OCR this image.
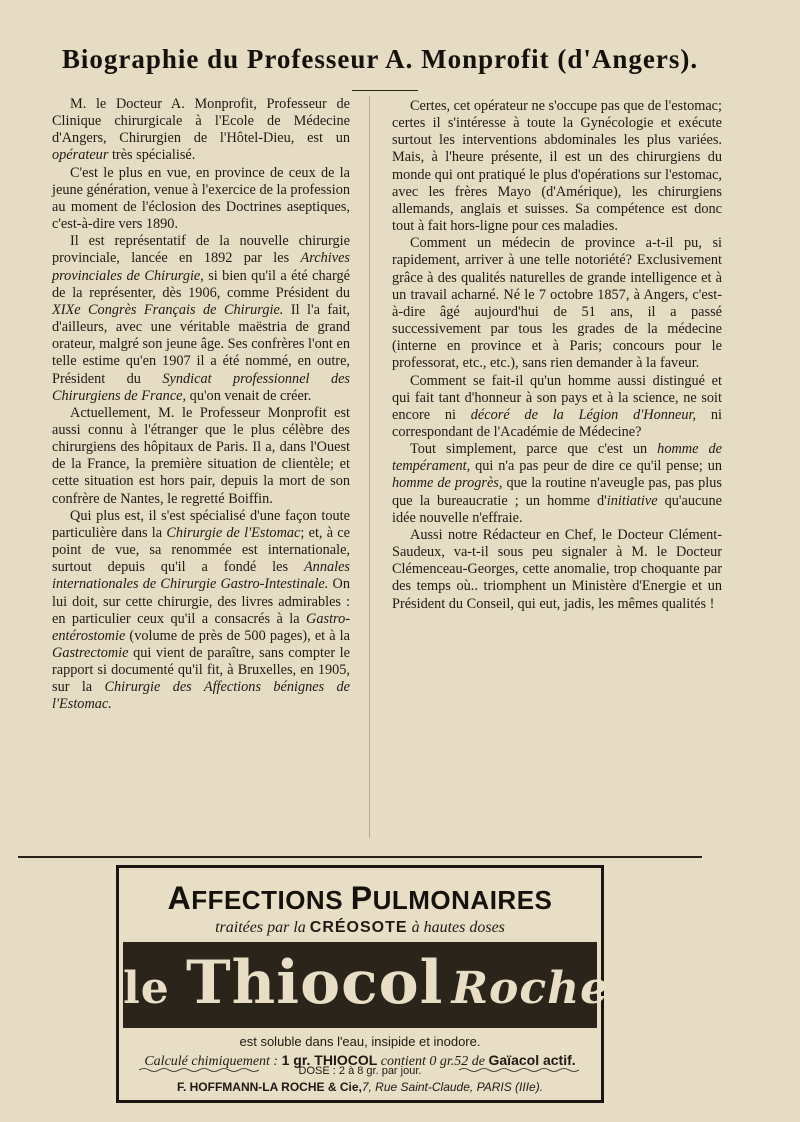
Biographie du Professeur A. Monprofit (d'Angers).

M. le Docteur A. Monprofit, Professeur de Clinique chirurgicale à l'Ecole de Médecine d'Angers, Chirurgien de l'Hôtel-Dieu, est un opérateur très spécialisé.

C'est le plus en vue, en province de ceux de la jeune génération, venue à l'exercice de la profession au moment de l'éclosion des Doctrines aseptiques, c'est-à-dire vers 1890.

Il est représentatif de la nouvelle chirurgie provinciale, lancée en 1892 par les Archives provinciales de Chirurgie, si bien qu'il a été chargé de la représenter, dès 1906, comme Président du XIXe Congrès Français de Chirurgie. Il l'a fait, d'ailleurs, avec une véritable maëstria de grand orateur, malgré son jeune âge. Ses confrères l'ont en telle estime qu'en 1907 il a été nommé, en outre, Président du Syndicat professionnel des Chirurgiens de France, qu'on venait de créer.

Actuellement, M. le Professeur Monprofit est aussi connu à l'étranger que le plus célèbre des chirurgiens des hôpitaux de Paris. Il a, dans l'Ouest de la France, la première situation de clientèle; et cette situation est hors pair, depuis la mort de son confrère de Nantes, le regretté Boiffin.

Qui plus est, il s'est spécialisé d'une façon toute particulière dans la Chirurgie de l'Estomac; et, à ce point de vue, sa renommée est internationale, surtout depuis qu'il a fondé les Annales internationales de Chirurgie Gastro-Intestinale. On lui doit, sur cette chirurgie, des livres admirables : en particulier ceux qu'il a consacrés à la Gastro-entérostomie (volume de près de 500 pages), et à la Gastrectomie qui vient de paraître, sans compter le rapport si documenté qu'il fit, à Bruxelles, en 1905, sur la Chirurgie des Affections bénignes de l'Estomac.

Certes, cet opérateur ne s'occupe pas que de l'estomac; certes il s'intéresse à toute la Gynécologie et exécute surtout les interventions abdominales les plus variées. Mais, à l'heure présente, il est un des chirurgiens du monde qui ont pratiqué le plus d'opérations sur l'estomac, avec les frères Mayo (d'Amérique), les chirurgiens allemands, anglais et suisses. Sa compétence est donc tout à fait hors-ligne pour ces maladies.

Comment un médecin de province a-t-il pu, si rapidement, arriver à une telle notoriété? Exclusivement grâce à des qualités naturelles de grande intelligence et à un travail acharné. Né le 7 octobre 1857, à Angers, c'est-à-dire âgé aujourd'hui de 51 ans, il a passé successivement par tous les grades de la médecine (interne en province et à Paris; concours pour le professorat, etc., etc.), sans rien demander à la faveur.

Comment se fait-il qu'un homme aussi distingué et qui fait tant d'honneur à son pays et à la science, ne soit encore ni décoré de la Légion d'Honneur, ni correspondant de l'Académie de Médecine?

Tout simplement, parce que c'est un homme de tempérament, qui n'a pas peur de dire ce qu'il pense; un homme de progrès, que la routine n'aveugle pas, pas plus que la bureaucratie ; un homme d'initiative qu'aucune idée nouvelle n'effraie.

Aussi notre Rédacteur en Chef, le Docteur Clément-Saudeux, va-t-il sous peu signaler à M. le Docteur Clémenceau-Georges, cette anomalie, trop choquante par des temps où.. triomphent un Ministère d'Energie et un Président du Conseil, qui eut, jadis, les mêmes qualités !

AFFECTIONS PULMONAIRES
traitées par la CRÉOSOTE à hautes doses
le Thiocol Roche
est soluble dans l'eau, insipide et inodore.
Calculé chimiquement : 1 gr. THIOCOL contient 0 gr.52 de Gaïacol actif.
DOSE : 2 à 8 gr. par jour.
F. HOFFMANN-LA ROCHE & Cie,7, Rue Saint-Claude, PARIS (IIIe).
